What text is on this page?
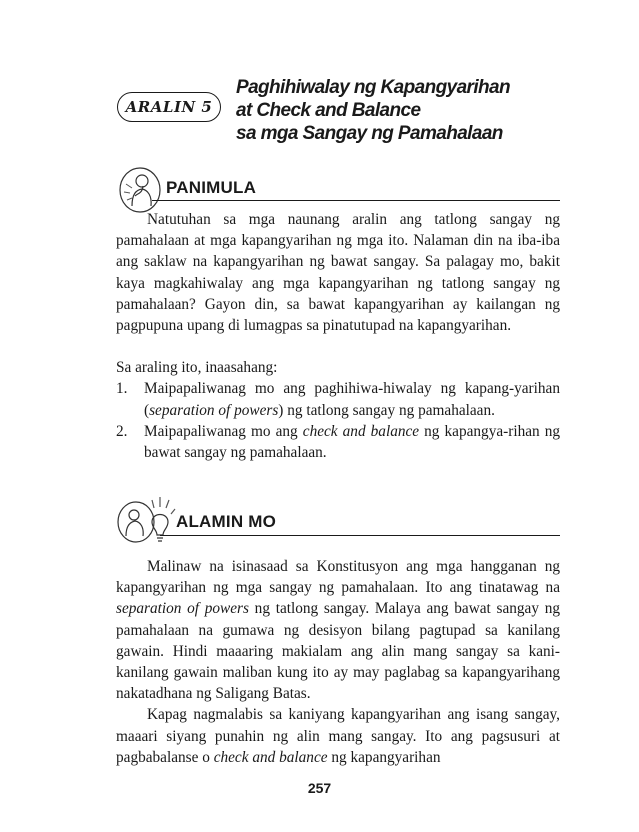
ARALIN 5
Paghihiwalay ng Kapangyarihan
at Check and Balance
sa mga Sangay ng Pamahalaan
PANIMULA

Natutuhan sa mga naunang aralin ang tatlong sangay ng pamahalaan at mga kapangyarihan ng mga ito. Nalaman din na iba-iba ang saklaw na kapangyarihan ng bawat sangay. Sa palagay mo, bakit kaya magkahiwalay ang mga kapangyarihan ng tatlong sangay ng pamahalaan? Gayon din, sa bawat kapangyarihan ay kailangan ng pagpupuna upang di lumagpas sa pinatutupad na kapangyarihan.

Sa araling ito, inaasahang:

1. Maipapaliwanag mo ang paghihiwa-hiwalay ng kapang-yarihan (separation of powers) ng tatlong sangay ng pamahalaan.
2. Maipapaliwanag mo ang check and balance ng kapangya-rihan ng bawat sangay ng pamahalaan.
ALAMIN MO

Malinaw na isinasaad sa Konstitusyon ang mga hangganan ng kapangyarihan ng mga sangay ng pamahalaan. Ito ang tinatawag na separation of powers ng tatlong sangay. Malaya ang bawat sangay ng pamahalaan na gumawa ng desisyon bilang pagtupad sa kanilang gawain. Hindi maaaring makialam ang alin mang sangay sa kani-kanilang gawain maliban kung ito ay may paglabag sa kapangyarihang nakatadhana ng Saligang Batas.

Kapag nagmalabis sa kaniyang kapangyarihan ang isang sangay, maaari siyang punahin ng alin mang sangay. Ito ang pagsusuri at pagbabalanse o check and balance ng kapangyarihan

257
